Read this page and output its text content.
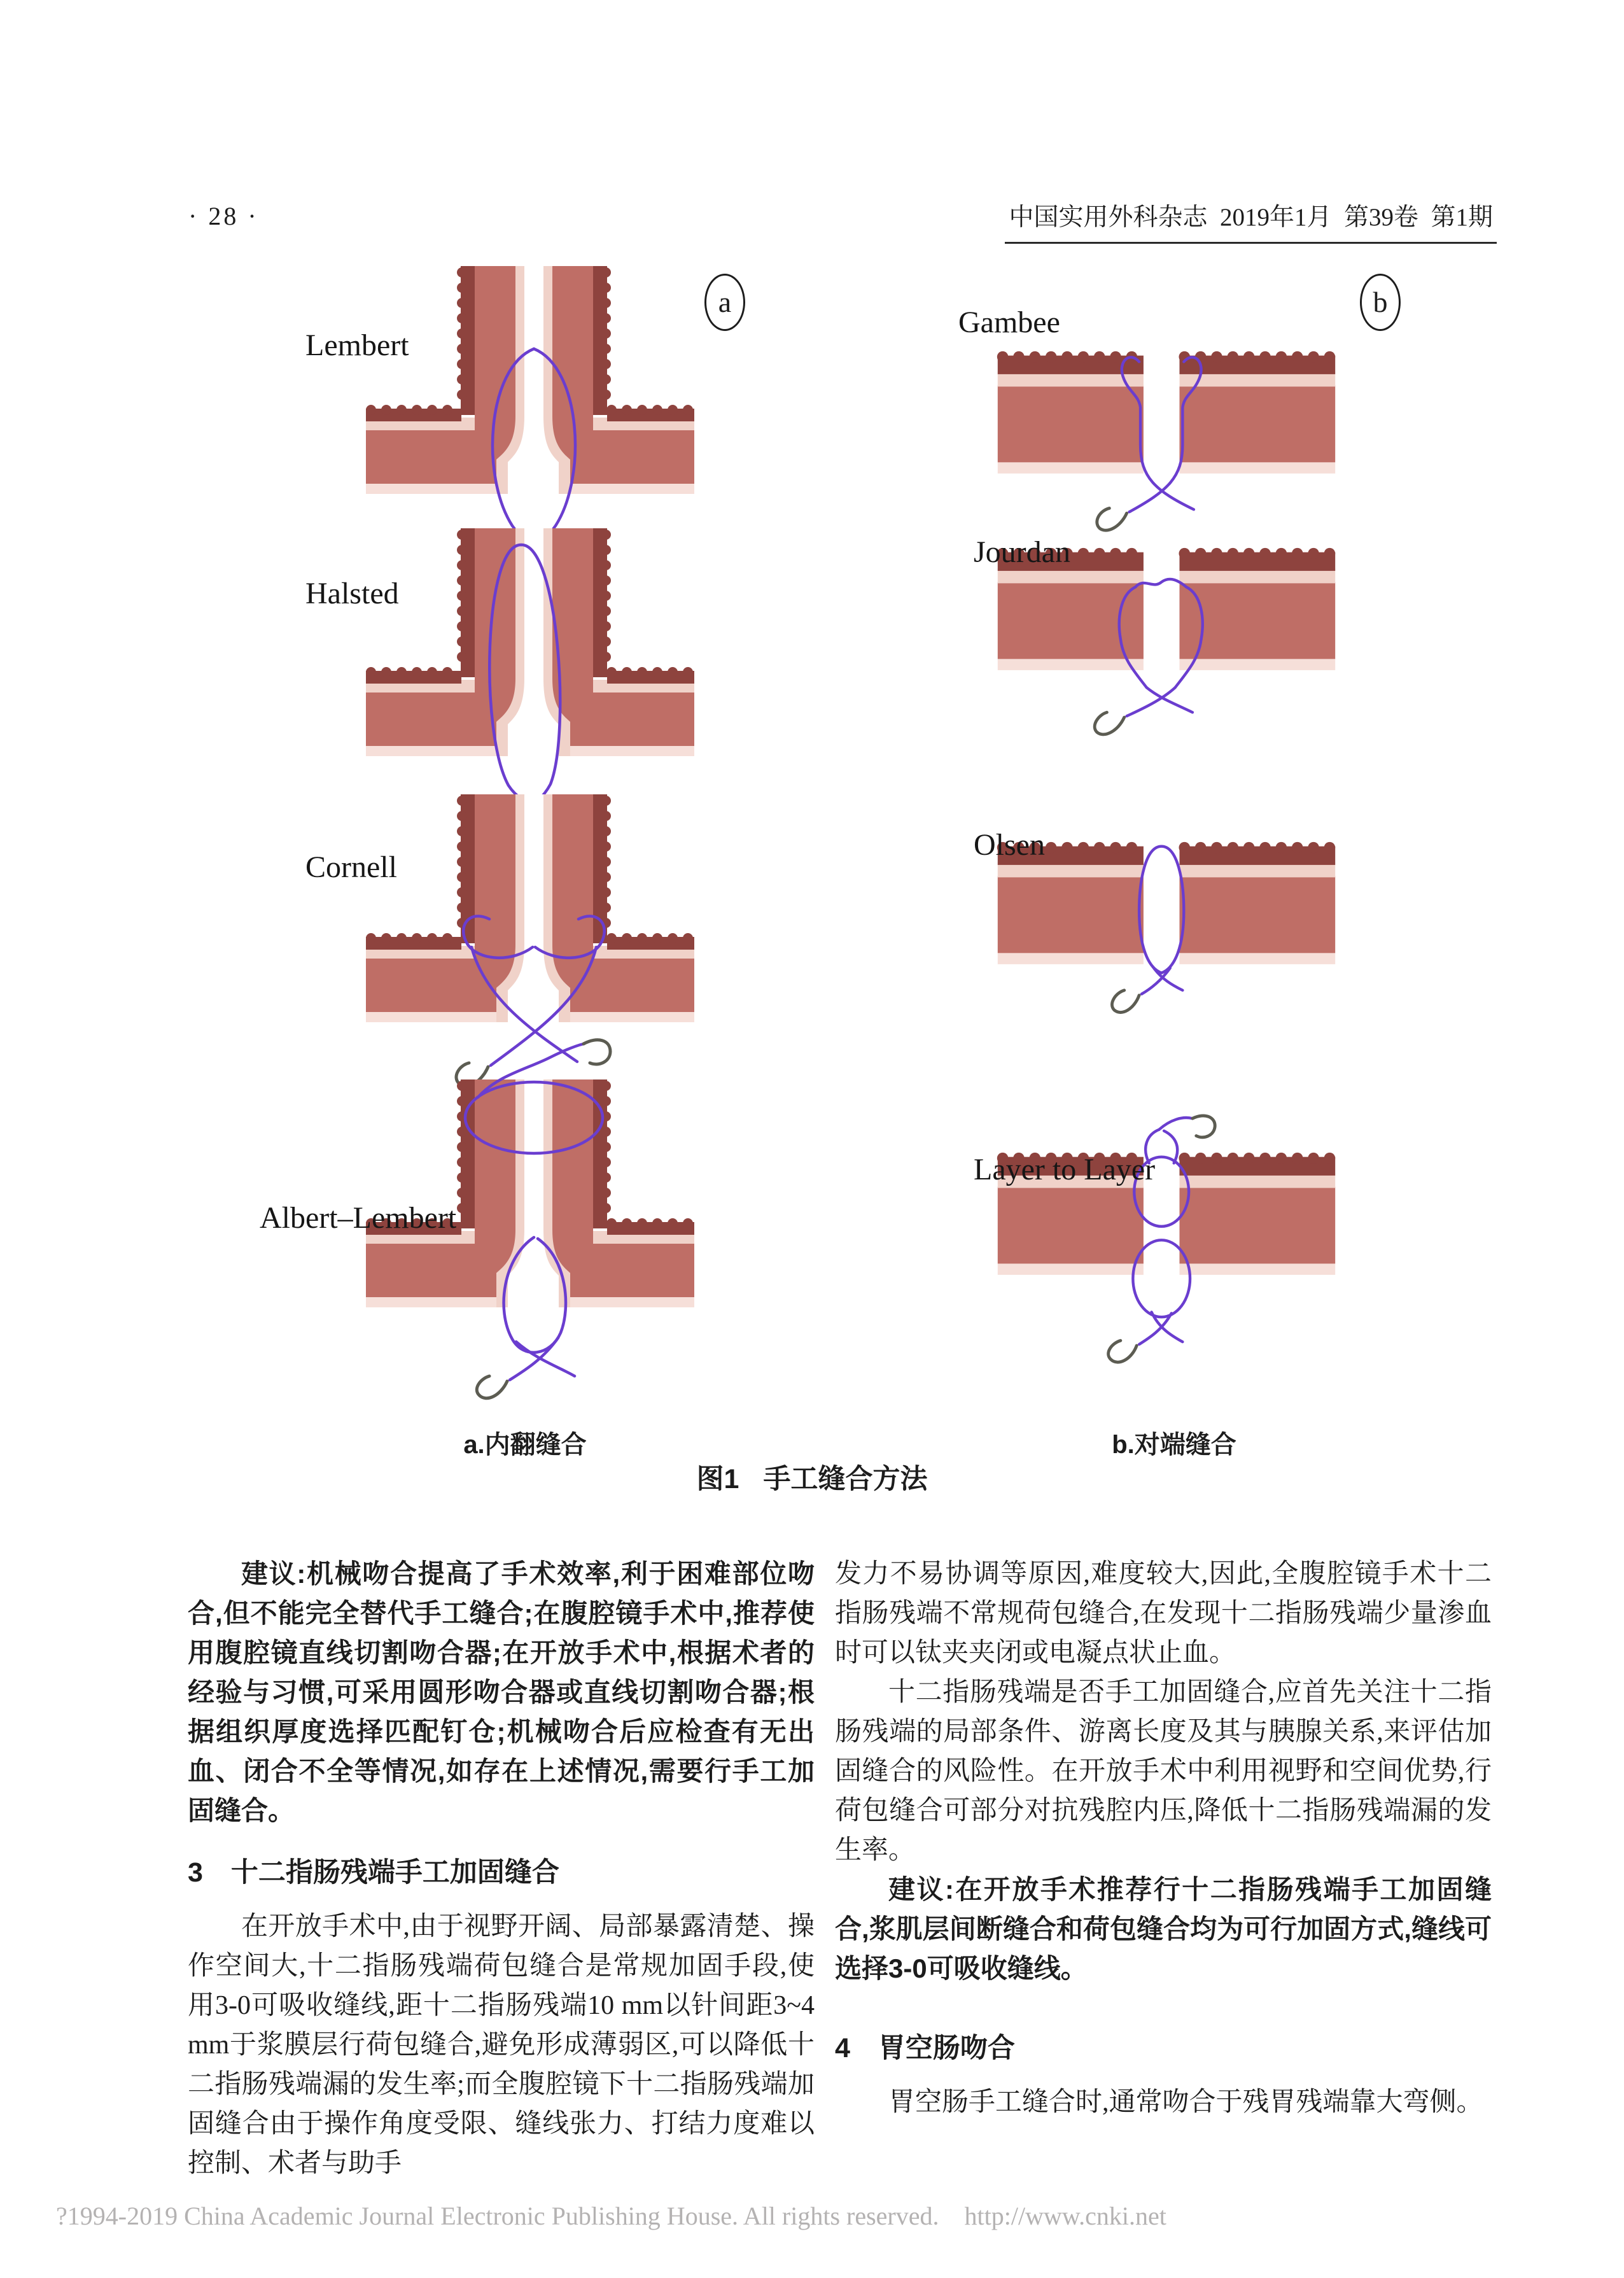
· 28 ·	中国实用外科杂志  2019年1月  第39卷  第1期
a	b
a.内翻缝合	b.对端缝合
图1 手工缝合方法
建议:机械吻合提高了手术效率,利于困难部位吻合,但不能完全替代手工缝合;在腹腔镜手术中,推荐使用腹腔镜直线切割吻合器;在开放手术中,根据术者的经验与习惯,可采用圆形吻合器或直线切割吻合器;根据组织厚度选择匹配钉仓;机械吻合后应检查有无出血、闭合不全等情况,如存在上述情况,需要行手工加固缝合。
3 十二指肠残端手工加固缝合
在开放手术中,由于视野开阔、局部暴露清楚、操作空间大,十二指肠残端荷包缝合是常规加固手段,使用3-0可吸收缝线,距十二指肠残端10 mm以针间距3~4 mm于浆膜层行荷包缝合,避免形成薄弱区,可以降低十二指肠残端漏的发生率;而全腹腔镜下十二指肠残端加固缝合由于操作角度受限、缝线张力、打结力度难以控制、术者与助手
发力不易协调等原因,难度较大,因此,全腹腔镜手术十二指肠残端不常规荷包缝合,在发现十二指肠残端少量渗血时可以钛夹夹闭或电凝点状止血。
十二指肠残端是否手工加固缝合,应首先关注十二指肠残端的局部条件、游离长度及其与胰腺关系,来评估加固缝合的风险性。在开放手术中利用视野和空间优势,行荷包缝合可部分对抗残腔内压,降低十二指肠残端漏的发生率。
建议:在开放手术推荐行十二指肠残端手工加固缝合,浆肌层间断缝合和荷包缝合均为可行加固方式,缝线可选择3-0可吸收缝线。
4 胃空肠吻合
胃空肠手工缝合时,通常吻合于残胃残端靠大弯侧。
?1994-2019 China Academic Journal Electronic Publishing House. All rights reserved.    http://www.cnki.net
Lembert
Halsted
Cornell
Albert–Lembert
Gambee
Jourdan
Olsen
Layer to Layer
